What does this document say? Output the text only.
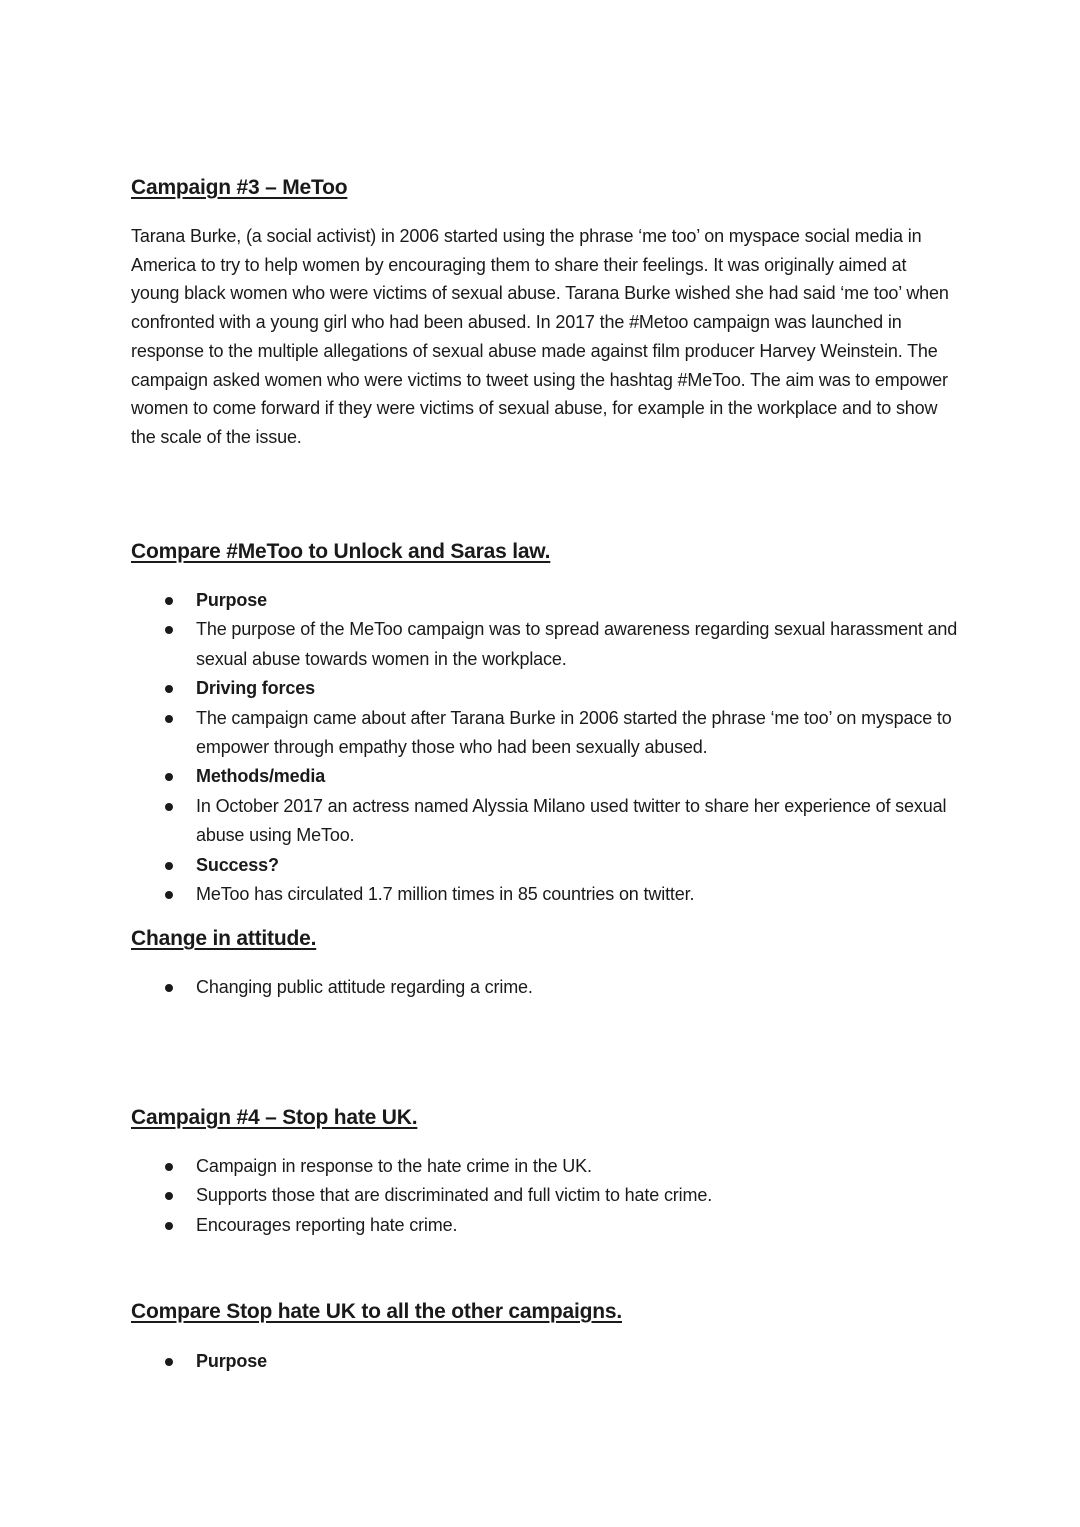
Campaign #3 – MeToo

Tarana Burke, (a social activist) in 2006 started using the phrase ‘me too’ on myspace social media in America to try to help women by encouraging them to share their feelings. It was originally aimed at young black women who were victims of sexual abuse. Tarana Burke wished she had said ‘me too’ when confronted with a young girl who had been abused. In 2017 the #Metoo campaign was launched in response to the multiple allegations of sexual abuse made against film producer Harvey Weinstein. The campaign asked women who were victims to tweet using the hashtag #MeToo. The aim was to empower women to come forward if they were victims of sexual abuse, for example in the workplace and to show the scale of the issue.

Compare #MeToo to Unlock and Saras law.
Purpose
The purpose of the MeToo campaign was to spread awareness regarding sexual harassment and sexual abuse towards women in the workplace.
Driving forces
The campaign came about after Tarana Burke in 2006 started the phrase ‘me too’ on myspace to empower through empathy those who had been sexually abused.
Methods/media
In October 2017 an actress named Alyssia Milano used twitter to share her experience of sexual abuse using MeToo.
Success?
MeToo has circulated 1.7 million times in 85 countries on twitter.
Change in attitude.
Changing public attitude regarding a crime.
Campaign #4 – Stop hate UK.
Campaign in response to the hate crime in the UK.
Supports those that are discriminated and full victim to hate crime.
Encourages reporting hate crime.
Compare Stop hate UK to all the other campaigns.
Purpose
